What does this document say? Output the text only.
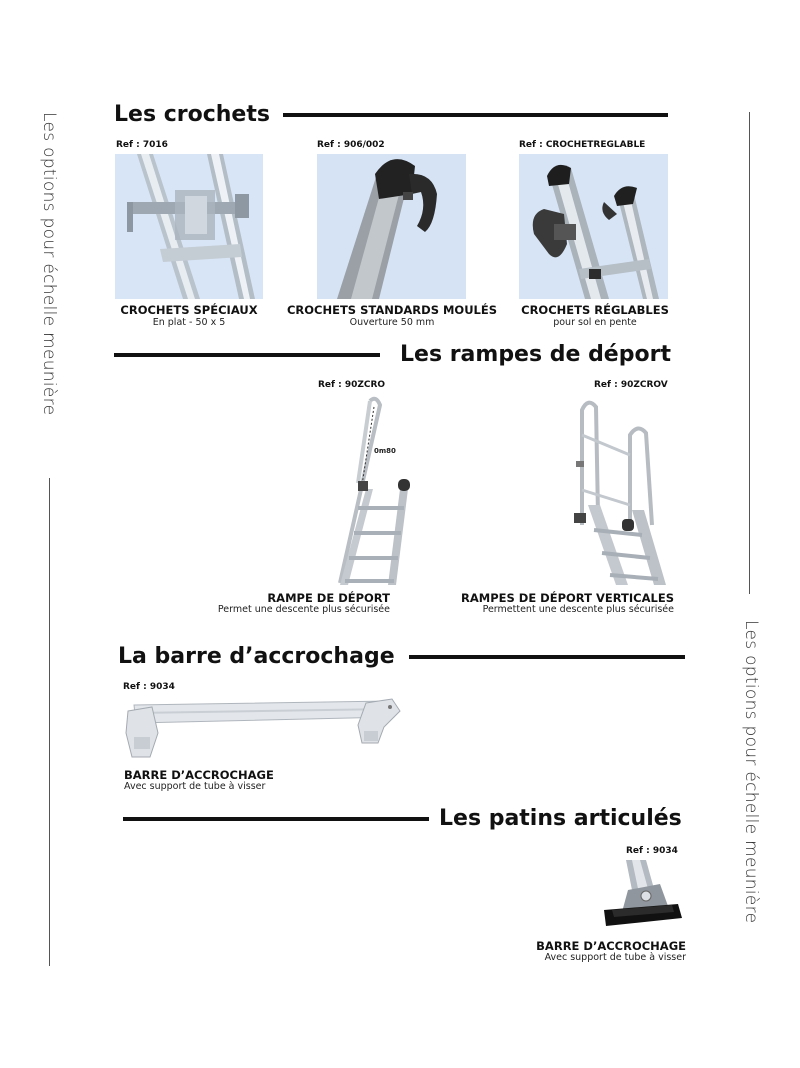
Les options pour échelle meunière
Les options pour échelle meunière
Les crochets
Ref : 7016
CROCHETS SPÉCIAUX
En plat - 50 x 5
Ref : 906/002
CROCHETS STANDARDS MOULÉS
Ouverture 50 mm
Ref : CROCHETREGLABLE
CROCHETS RÉGLABLES
pour sol en pente
Les rampes de déport
Ref : 90ZCRO
0m80
RAMPE DE DÉPORT
Permet une descente plus sécurisée
Ref : 90ZCROV
RAMPES DE DÉPORT VERTICALES
Permettent une descente plus sécurisée
La barre d’accrochage
Ref : 9034
BARRE D’ACCROCHAGE
Avec support de tube à visser
Les patins articulés
Ref : 9034
BARRE D’ACCROCHAGE
Avec support de tube à visser
